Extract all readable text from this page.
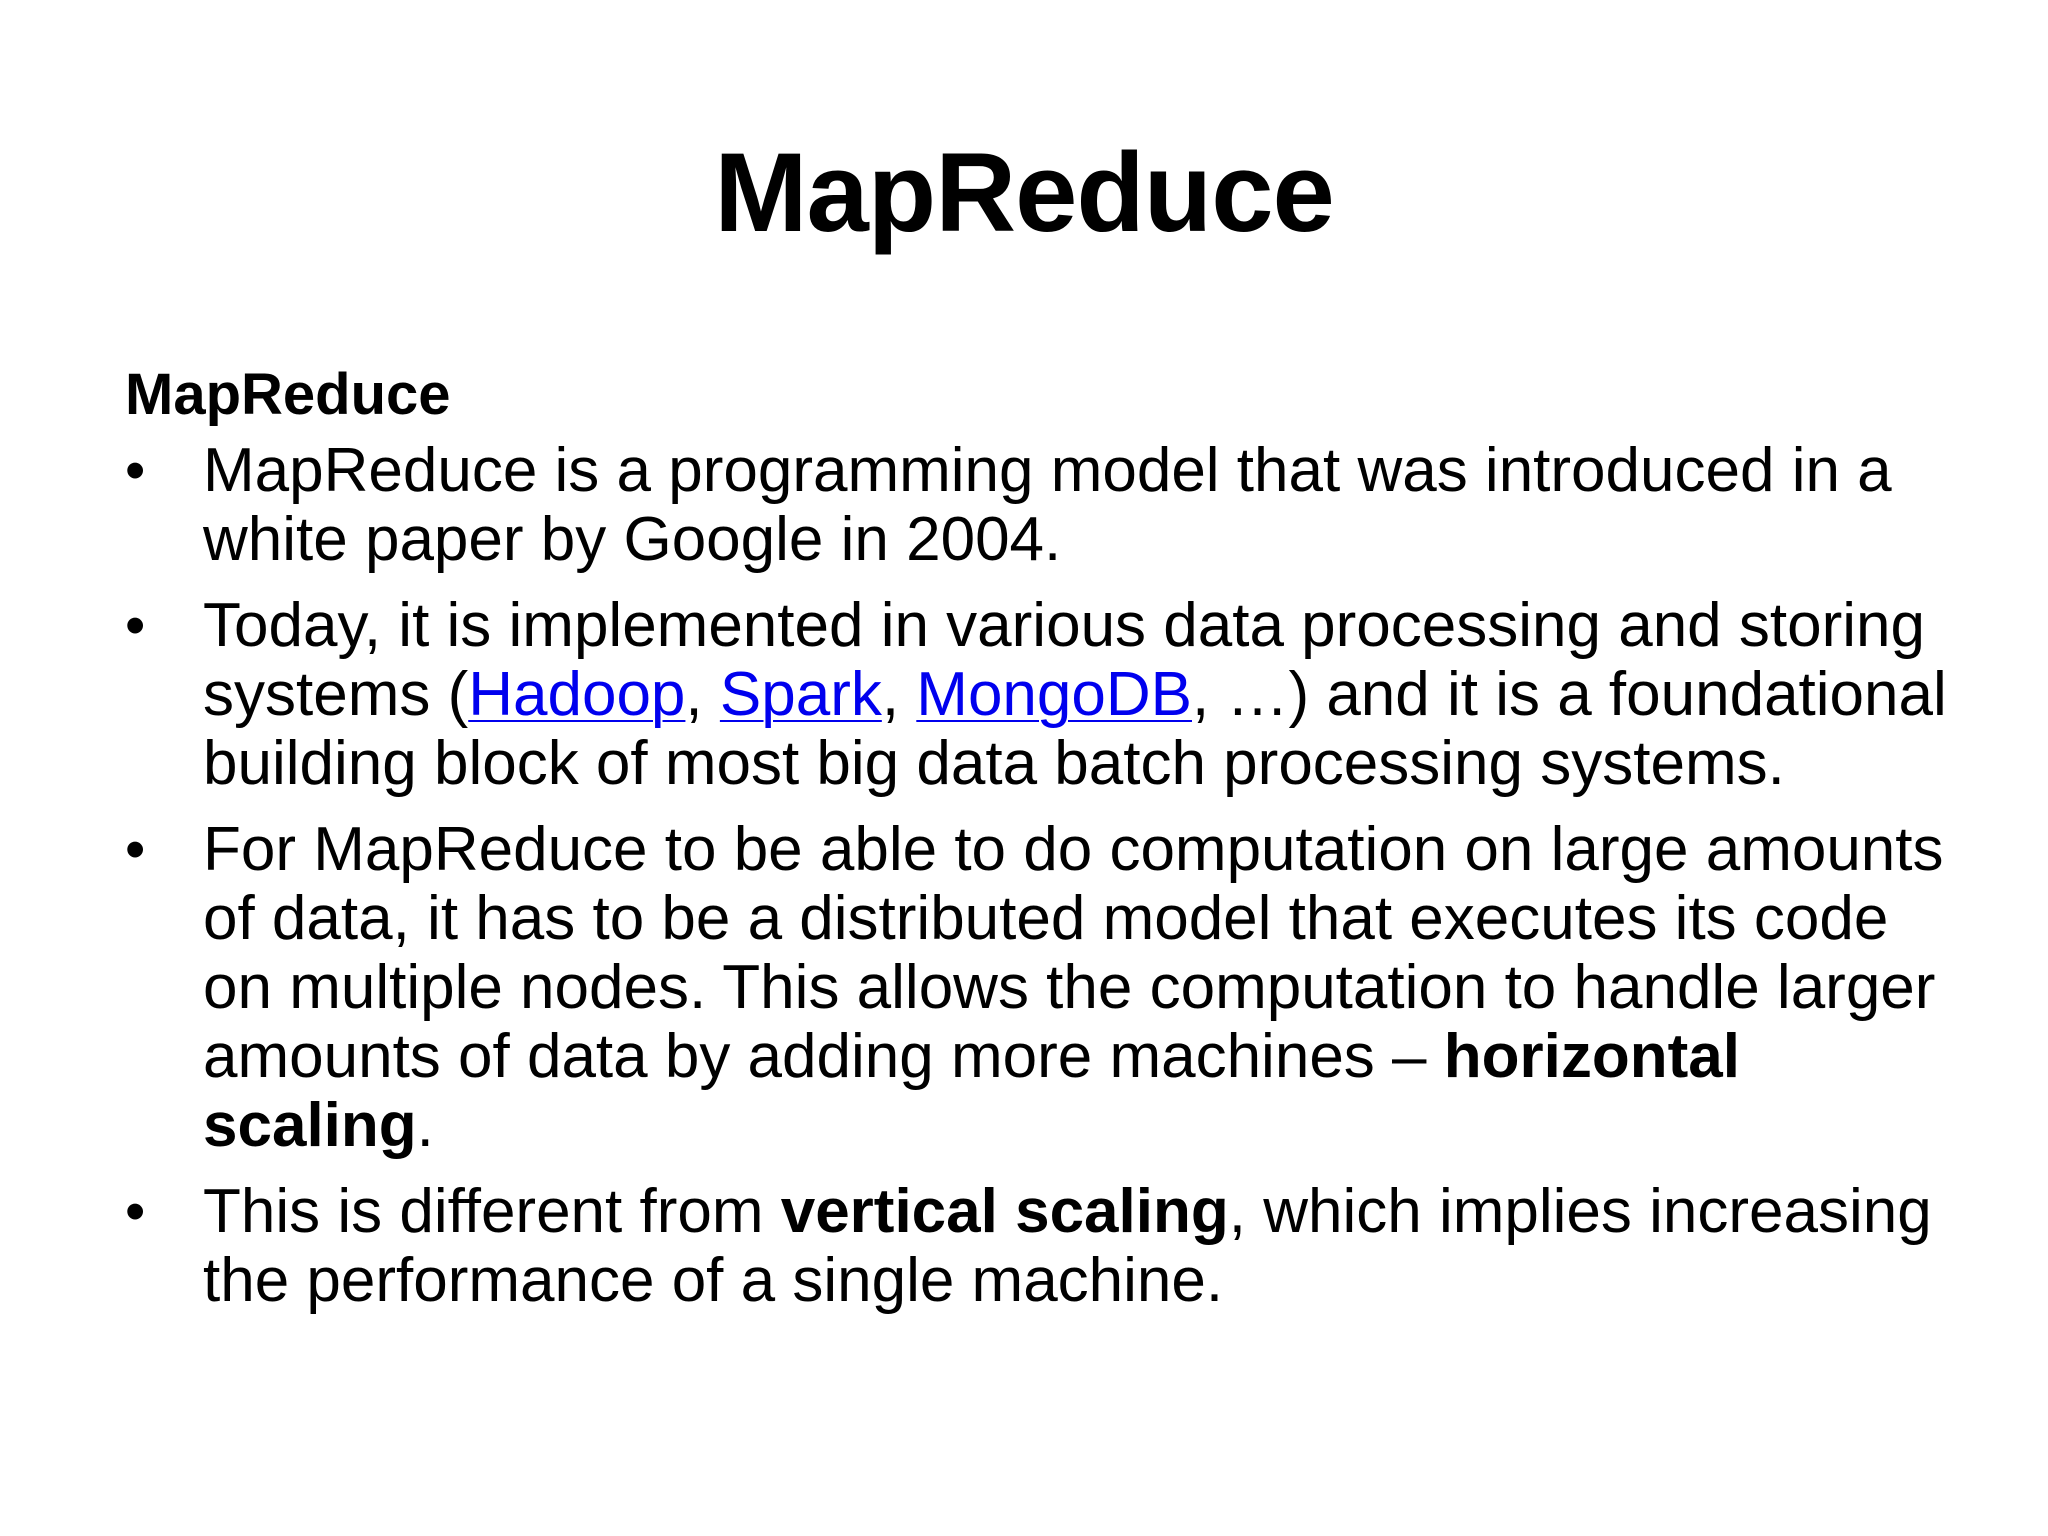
MapReduce
MapReduce
• MapReduce is a programming model that was introduced in a white paper by Google in 2004.
• Today, it is implemented in various data processing and storing systems (Hadoop, Spark, MongoDB, …) and it is a foundational building block of most big data batch processing systems.
• For MapReduce to be able to do computation on large amounts of data, it has to be a distributed model that executes its code on multiple nodes. This allows the computation to handle larger amounts of data by adding more machines – horizontal scaling.
• This is different from vertical scaling, which implies increasing the performance of a single machine.
